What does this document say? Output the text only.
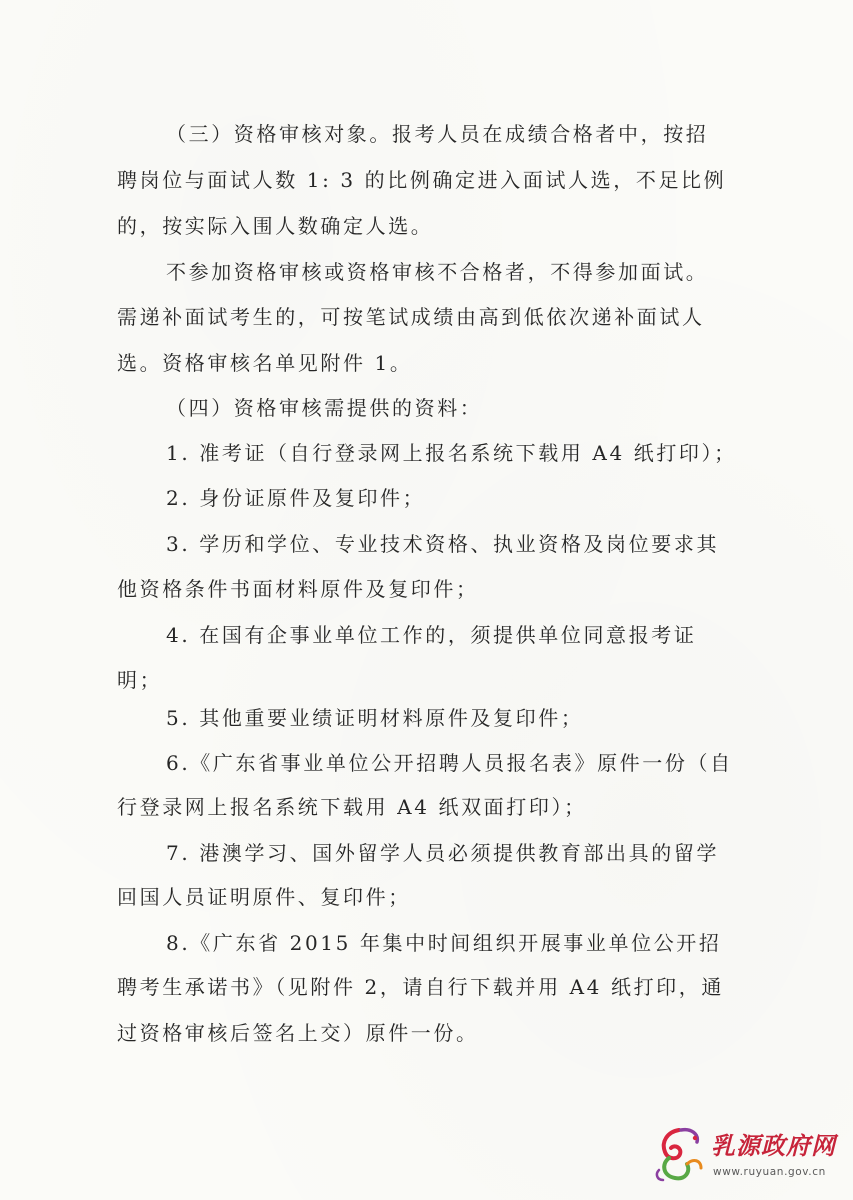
（三）资格审核对象。报考人员在成绩合格者中，按招
聘岗位与面试人数 1: 3 的比例确定进入面试人选，不足比例
的，按实际入围人数确定人选。
不参加资格审核或资格审核不合格者，不得参加面试。
需递补面试考生的，可按笔试成绩由高到低依次递补面试人
选。资格审核名单见附件 1。
（四）资格审核需提供的资料：
1. 准考证（自行登录网上报名系统下载用 A4 纸打印）；
2. 身份证原件及复印件；
3. 学历和学位、专业技术资格、执业资格及岗位要求其
他资格条件书面材料原件及复印件；
4. 在国有企事业单位工作的，须提供单位同意报考证
明；
5. 其他重要业绩证明材料原件及复印件；
6.《广东省事业单位公开招聘人员报名表》原件一份（自
行登录网上报名系统下载用 A4 纸双面打印）；
7. 港澳学习、国外留学人员必须提供教育部出具的留学
回国人员证明原件、复印件；
8.《广东省 2015 年集中时间组织开展事业单位公开招
聘考生承诺书》（见附件 2，请自行下载并用 A4 纸打印，通
过资格审核后签名上交）原件一份。
乳源政府网
www.ruyuan.gov.cn
